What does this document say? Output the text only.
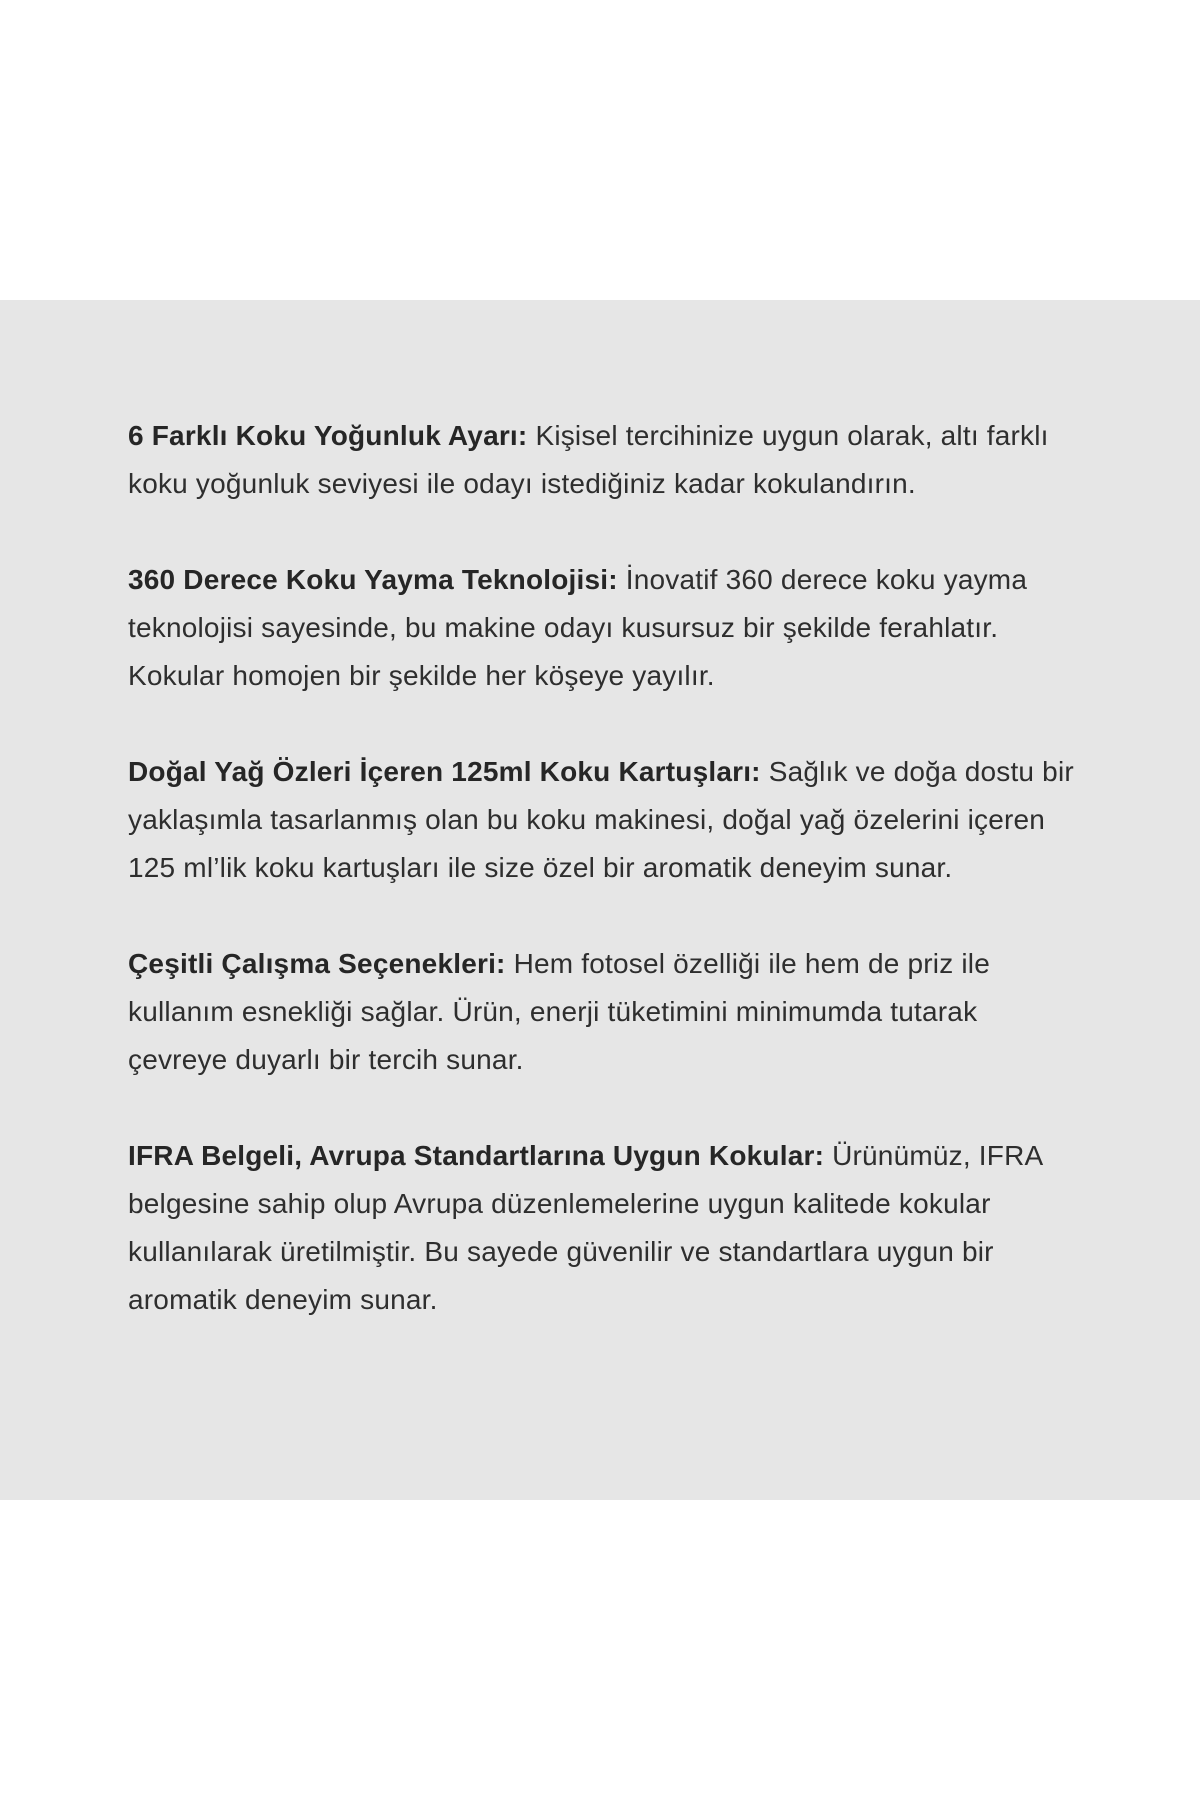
6 Farklı Koku Yoğunluk Ayarı: Kişisel tercihinize uygun olarak, altı farklı koku yoğunluk seviyesi ile odayı istediğiniz kadar kokulandırın.

360 Derece Koku Yayma Teknolojisi: İnovatif 360 derece koku yayma teknolojisi sayesinde, bu makine odayı kusursuz bir şekilde ferahlatır. Kokular homojen bir şekilde her köşeye yayılır.

Doğal Yağ Özleri İçeren 125ml Koku Kartuşları: Sağlık ve doğa dostu bir yaklaşımla tasarlanmış olan bu koku makinesi, doğal yağ özelerini içeren 125 ml’lik koku kartuşları ile size özel bir aromatik deneyim sunar.

Çeşitli Çalışma Seçenekleri: Hem fotosel özelliği ile hem de priz ile kullanım esnekliği sağlar. Ürün, enerji tüketimini minimumda tutarak çevreye duyarlı bir tercih sunar.

IFRA Belgeli, Avrupa Standartlarına Uygun Kokular: Ürünümüz, IFRA belgesine sahip olup Avrupa düzenlemelerine uygun kalitede kokular kullanılarak üretilmiştir. Bu sayede güvenilir ve standartlara uygun bir aromatik deneyim sunar.
